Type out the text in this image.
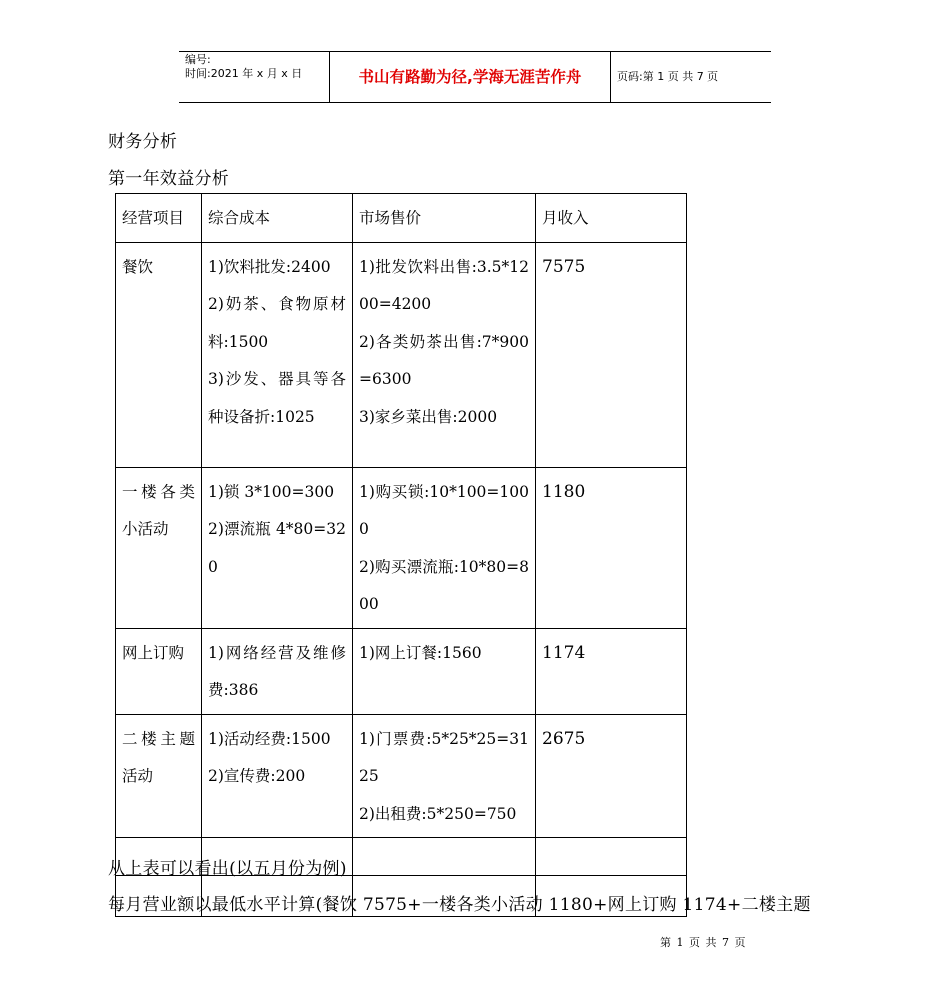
编号:
时间:2021 年 x 月 x 日	书山有路勤为径,学海无涯苦作舟	页码:第 1 页 共 7 页
财务分析
第一年效益分析
经营项目	综合成本	市场售价	月收入
餐饮	1)饮料批发:2400
2)奶茶、食物原材料:1500
3)沙发、器具等各种设备折:1025	1)批发饮料出售:3.5*1200=4200
2)各类奶茶出售:7*900=6300
3)家乡菜出售:2000	7575
一楼各类小活动	1)锁 3*100=300
2)漂流瓶 4*80=320	1)购买锁:10*100=1000
2)购买漂流瓶:10*80=800	1180
网上订购	1)网络经营及维修费:386	1)网上订餐:1560	1174
二楼主题活动	1)活动经费:1500
2)宣传费:200	1)门票费:5*25*25=3125
2)出租费:5*250=750	2675

从上表可以看出(以五月份为例)
每月营业额以最低水平计算(餐饮 7575+一楼各类小活动 1180+网上订购 1174+二楼主题
第 1 页 共 7 页
